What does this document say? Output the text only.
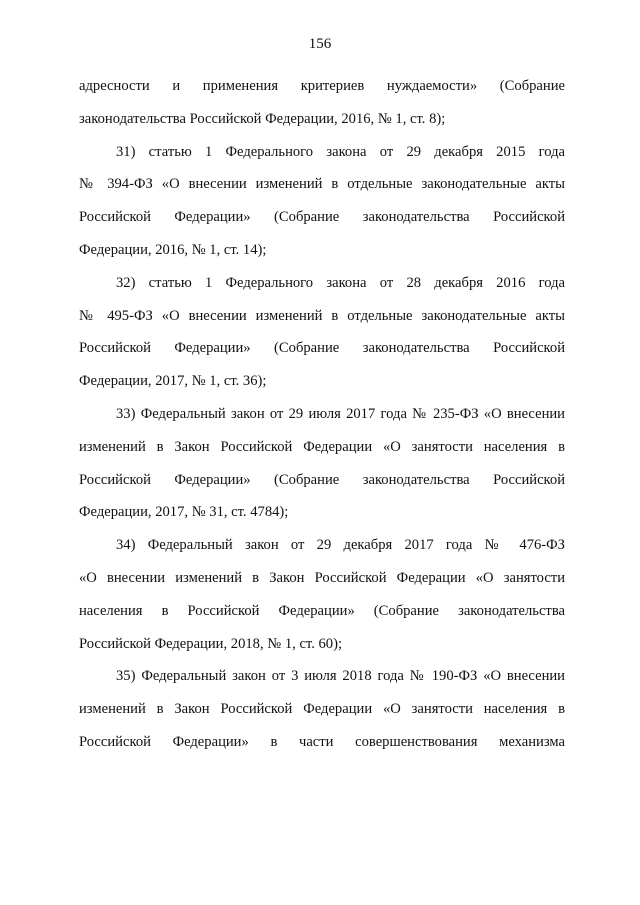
156
адресности и применения критериев нуждаемости» (Собрание
законодательства Российской Федерации, 2016, № 1, ст. 8);
31) статью 1 Федерального закона от 29 декабря 2015 года
№ 394-ФЗ «О внесении изменений в отдельные законодательные акты
Российской Федерации» (Собрание законодательства Российской
Федерации, 2016, № 1, ст. 14);
32) статью 1 Федерального закона от 28 декабря 2016 года
№ 495-ФЗ «О внесении изменений в отдельные законодательные акты
Российской Федерации» (Собрание законодательства Российской
Федерации, 2017, № 1, ст. 36);
33) Федеральный закон от 29 июля 2017 года № 235-ФЗ «О внесении
изменений в Закон Российской Федерации «О занятости населения в
Российской Федерации» (Собрание законодательства Российской
Федерации, 2017, № 31, ст. 4784);
34) Федеральный закон от 29 декабря 2017 года № 476-ФЗ
«О внесении изменений в Закон Российской Федерации «О занятости
населения в Российской Федерации» (Собрание законодательства
Российской Федерации, 2018, № 1, ст. 60);
35) Федеральный закон от 3 июля 2018 года № 190-ФЗ «О внесении
изменений в Закон Российской Федерации «О занятости населения в
Российской Федерации» в части совершенствования механизма
